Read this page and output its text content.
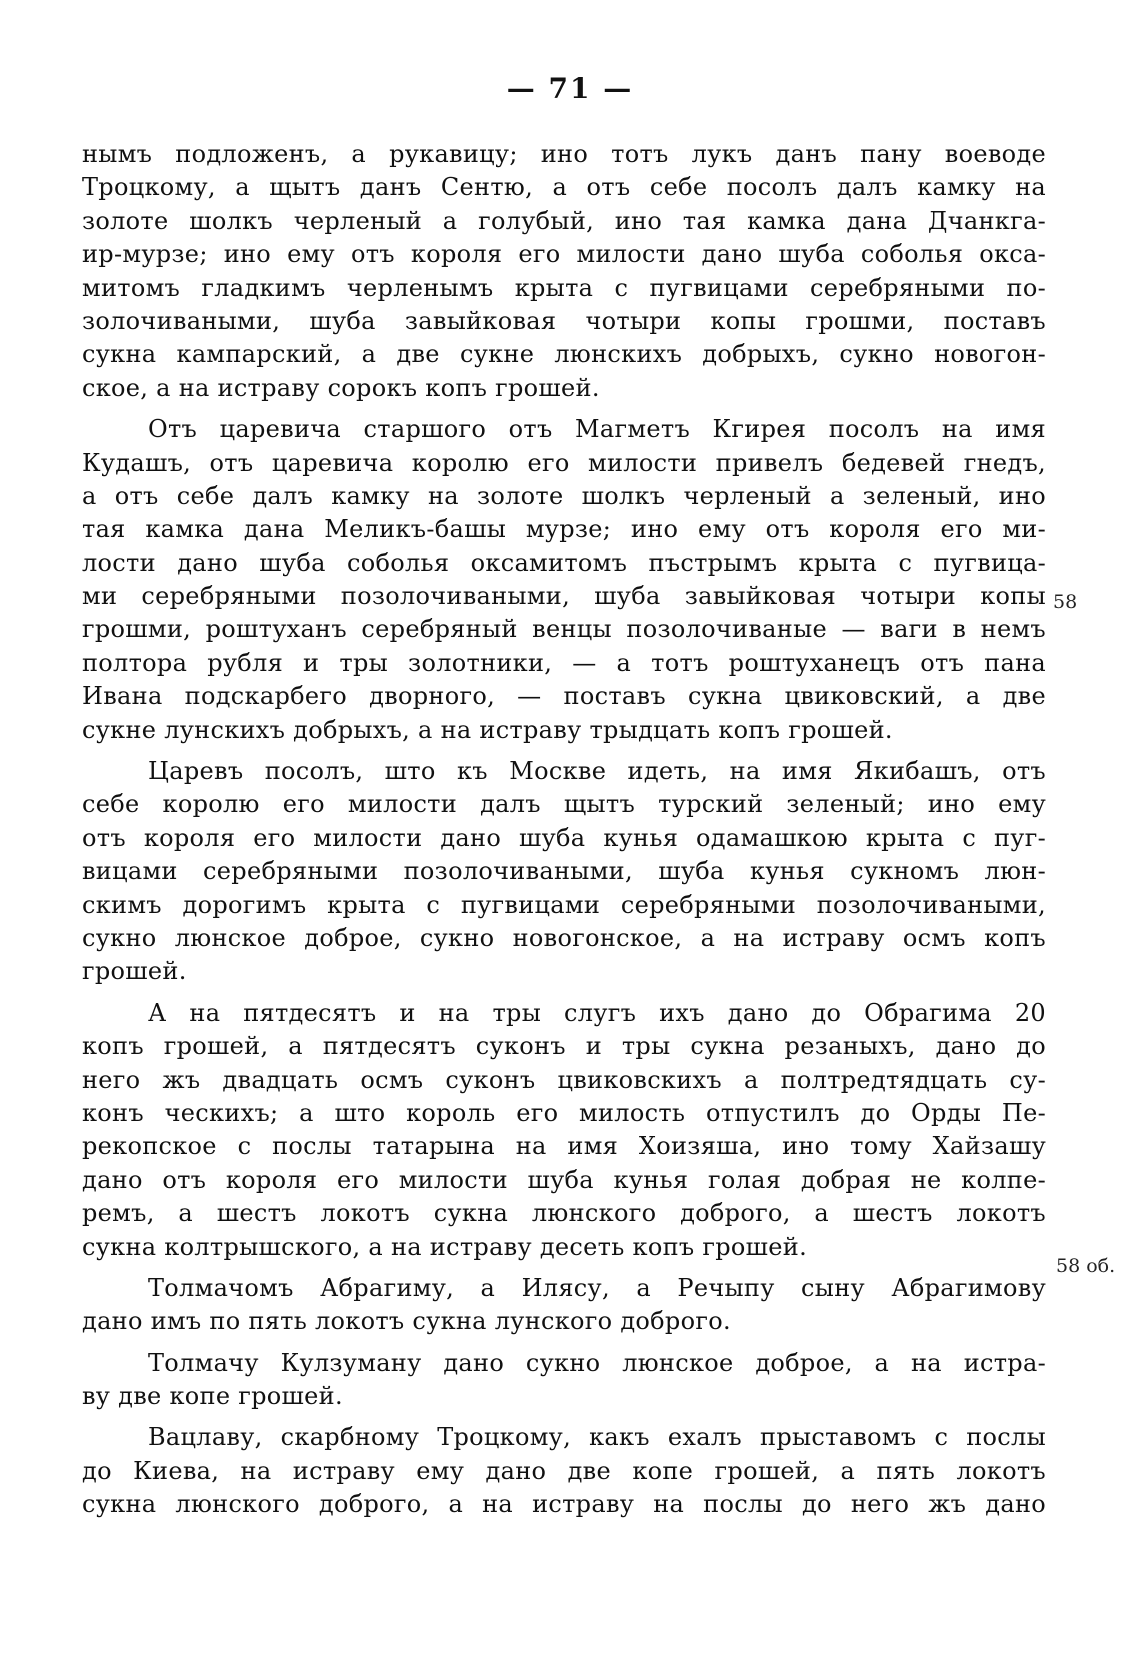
— 71 —
нымъ подложенъ, а рукавицу; ино тотъ лукъ данъ пану воеводе
Троцкому, а щытъ данъ Сентю, а отъ себе посолъ далъ камку на
золоте шолкъ черленый а голубый, ино тая камка дана Дчанкга-
ир-мурзе; ино ему отъ короля его милости дано шуба соболья окса-
митомъ гладкимъ черленымъ крыта с пугвицами серебряными по-
золочиваными, шуба завыйковая чотыри копы грошми, поставъ
сукна кампарский, а две сукне люнскихъ добрыхъ, сукно новогон-
ское, а на истраву сорокъ копъ грошей.
Отъ царевича старшого отъ Магметъ Кгирея посолъ на имя
Кудашъ, отъ царевича королю его милости привелъ бедевей гнедъ,
а отъ себе далъ камку на золоте шолкъ черленый а зеленый, ино
тая камка дана Меликъ-башы мурзе; ино ему отъ короля его ми-
лости дано шуба соболья оксамитомъ пъстрымъ крыта с пугвица-
ми серебряными позолочиваными, шуба завыйковая чотыри копы
грошми, роштуханъ серебряный венцы позолочиваные — ваги в немъ
полтора рубля и тры золотники, — а тотъ роштуханецъ отъ пана
Ивана подскарбего дворного, — поставъ сукна цвиковский, а две
сукне лунскихъ добрыхъ, а на истраву трыдцать копъ грошей.
Царевъ посолъ, што къ Москве идеть, на имя Якибашъ, отъ
себе королю его милости далъ щытъ турский зеленый; ино ему
отъ короля его милости дано шуба кунья одамашкою крыта с пуг-
вицами серебряными позолочиваными, шуба кунья сукномъ люн-
скимъ дорогимъ крыта с пугвицами серебряными позолочиваными,
сукно люнское доброе, сукно новогонское, а на истраву осмъ копъ
грошей.
А на пятдесятъ и на тры слугъ ихъ дано до Обрагима 20
копъ грошей, а пятдесятъ суконъ и тры сукна резаныхъ, дано до
него жъ двадцать осмъ суконъ цвиковскихъ а полтредтядцать су-
конъ ческихъ; а што король его милость отпустилъ до Орды Пе-
рекопское с послы татарына на имя Хоизяша, ино тому Хайзашу
дано отъ короля его милости шуба кунья голая добрая не колпе-
ремъ, а шестъ локотъ сукна люнского доброго, а шестъ локотъ
сукна колтрышского, а на истраву десеть копъ грошей.
Толмачомъ Абрагиму, а Илясу, а Речыпу сыну Абрагимову
дано имъ по пять локотъ сукна лунского доброго.
Толмачу Кулзуману дано сукно люнское доброе, а на истра-
ву две копе грошей.
Вацлаву, скарбному Троцкому, какъ ехалъ прыставомъ с послы
до Киева, на истраву ему дано две копе грошей, а пять локотъ
сукна люнского доброго, а на истраву на послы до него жъ дано
58
58 об.
